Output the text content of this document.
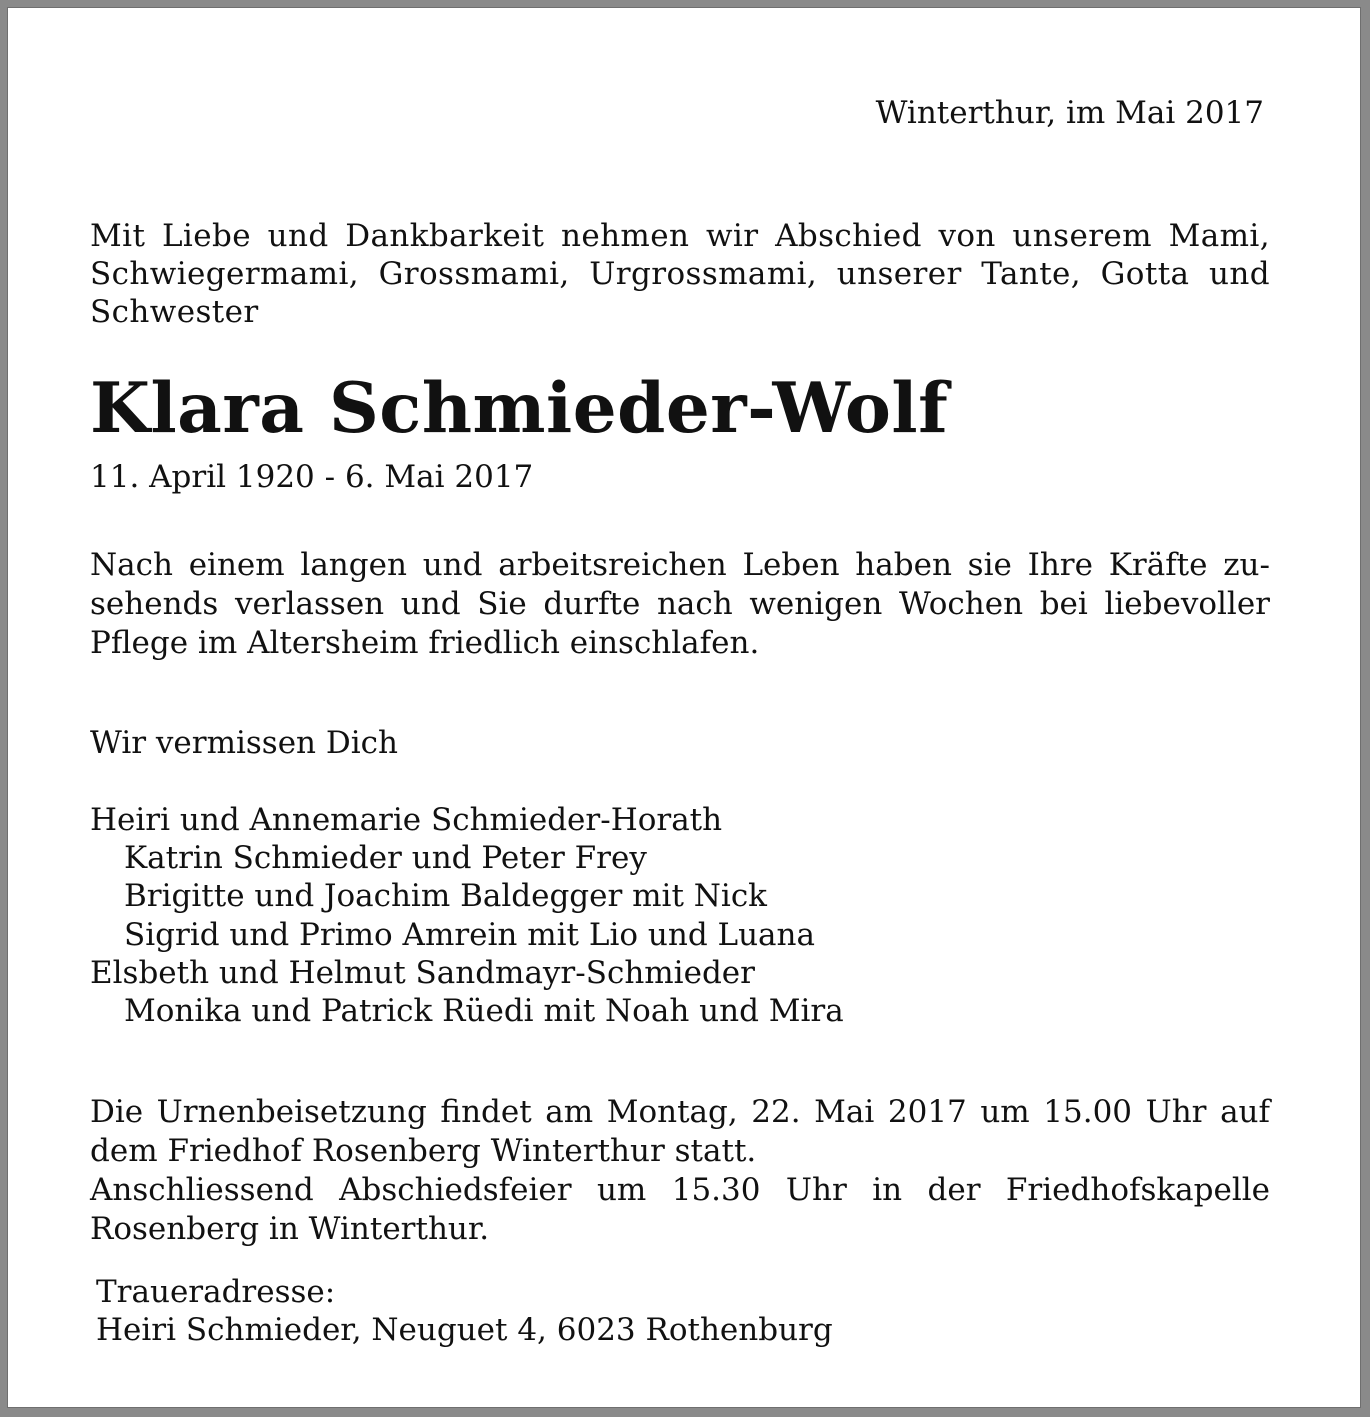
Winterthur, im Mai 2017

Mit Liebe und Dankbarkeit nehmen wir Abschied von unserem Mami, Schwiegermami, Grossmami, Urgrossmami, unserer Tante, Gotta und Schwester

Klara Schmieder-Wolf

11. April 1920 - 6. Mai 2017

Nach einem langen und arbeitsreichen Leben haben sie Ihre Kräfte zu-
sehends verlassen und Sie durfte nach wenigen Wochen bei liebevoller
Pflege im Altersheim friedlich einschlafen.

Wir vermissen Dich

Heiri und Annemarie Schmieder-Horath
Katrin Schmieder und Peter Frey
Brigitte und Joachim Baldegger mit Nick
Sigrid und Primo Amrein mit Lio und Luana
Elsbeth und Helmut Sandmayr-Schmieder
Monika und Patrick Rüedi mit Noah und Mira
Die Urnenbeisetzung findet am Montag, 22. Mai 2017 um 15.00 Uhr auf
dem Friedhof Rosenberg Winterthur statt.
Anschliessend Abschiedsfeier um 15.30 Uhr in der Friedhofskapelle
Rosenberg in Winterthur.
Traueradresse:
Heiri Schmieder, Neuguet 4, 6023 Rothenburg
